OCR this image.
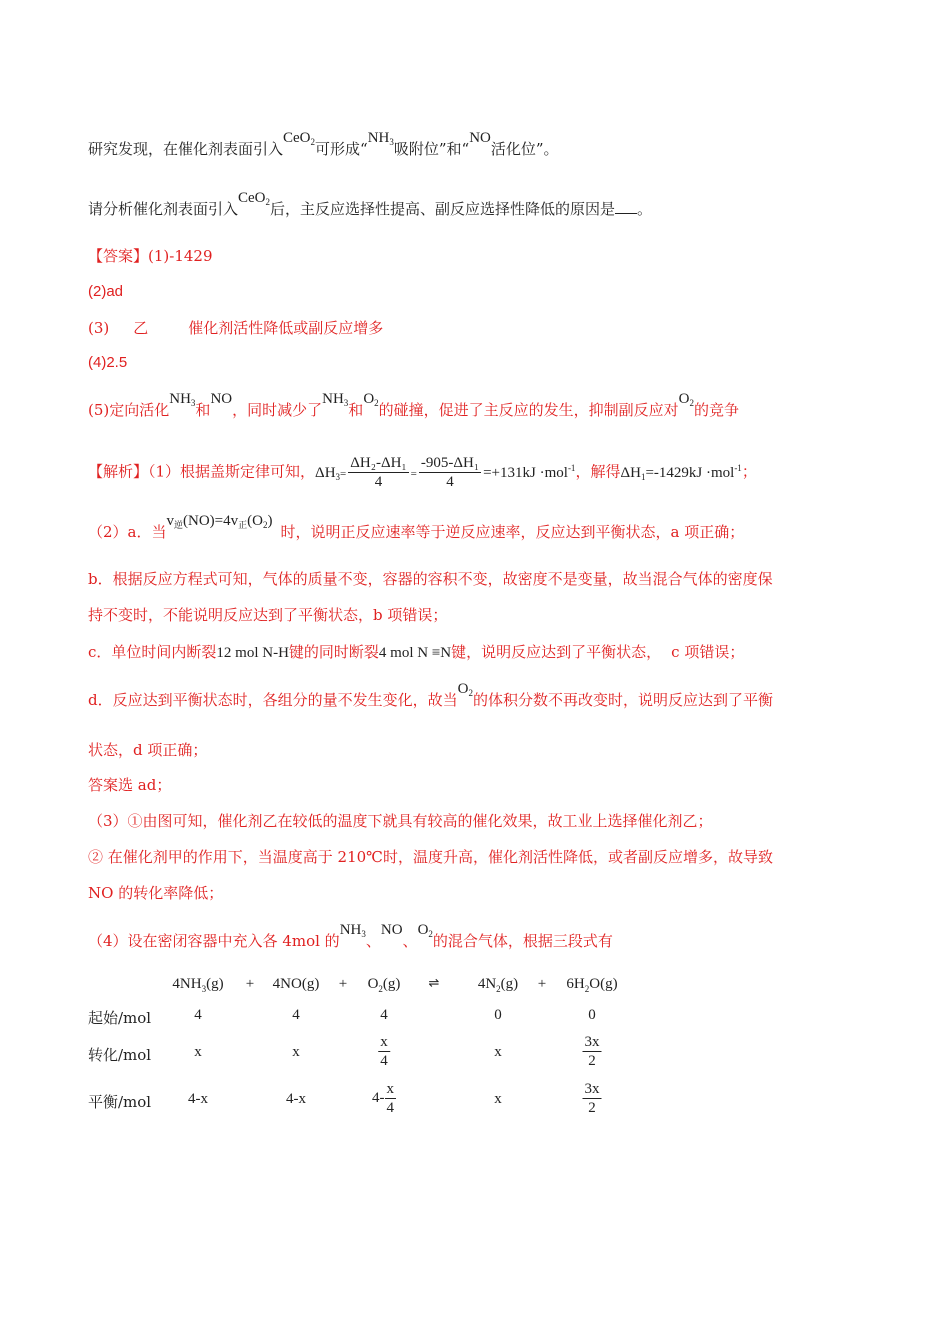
研究发现，在催化剂表面引入CeO$_2$可形成“$NH_3$吸附位”和“NO活化位”。
请分析催化剂表面引入CeO$_2$后，主反应选择性提高、副反应选择性降低的原因是 。
【答案】(1)-1429
(2)ad
(3) 乙	催化剂活性降低或副反应增多
(4)2.5
(5)定向活化$NH_3$和NO，同时减少了$NH_3$和$O_2$的碰撞，促进了主反应的发生，抑制副反应对$O_2$的竞争
【解析】（1）根据盖斯定律可知，$\Delta H_3= \frac{\text{ΔH₂-ΔH₁}}{4} = \frac{\text{-905-ΔH₁}}{4} =+131kJ \cdot mol^{-1}$，解得$\Delta H_1=-1429kJ \cdot mol^{-1}$；
（2）a．当$v_逆(NO)=4v_正(O_2)$时，说明正反应速率等于逆反应速率，反应达到平衡状态，a 项正确；
b．根据反应方程式可知，气体的质量不变，容器的容积不变，故密度不是变量，故当混合气体的密度保
持不变时，不能说明反应达到了平衡状态，b 项错误；
c．单位时间内断裂12 mol N-H键的同时断裂4 mol N ≡N键，说明反应达到了平衡状态， c 项错误；
d．反应达到平衡状态时，各组分的量不发生变化，故当$O_2$的体积分数不再改变时，说明反应达到了平衡
状态，d 项正确；
答案选 ad；
（3）①由图可知，催化剂乙在较低的温度下就具有较高的催化效果，故工业上选择催化剂乙；
② 在催化剂甲的作用下，当温度高于 210℃时，温度升高，催化剂活性降低，或者副反应增多，故导致
NO 的转化率降低；
（4）设在密闭容器中充入各 4mol 的$NH_3$、NO、$O_2$的混合气体，根据三段式有
$4NH_3(g) + 4NO(g) + O_2(g)$ ⇌	$4N_2(g) + 6H_2O(g)$
起始/mol	4	4	4	0	0
转化/mol	x	x	$\frac{x}{4}$	x	$\frac{3x}{2}$
平衡/mol 4-x	4-x	$4- \frac{x}{4}$	x	$\frac{3x}{2}$
